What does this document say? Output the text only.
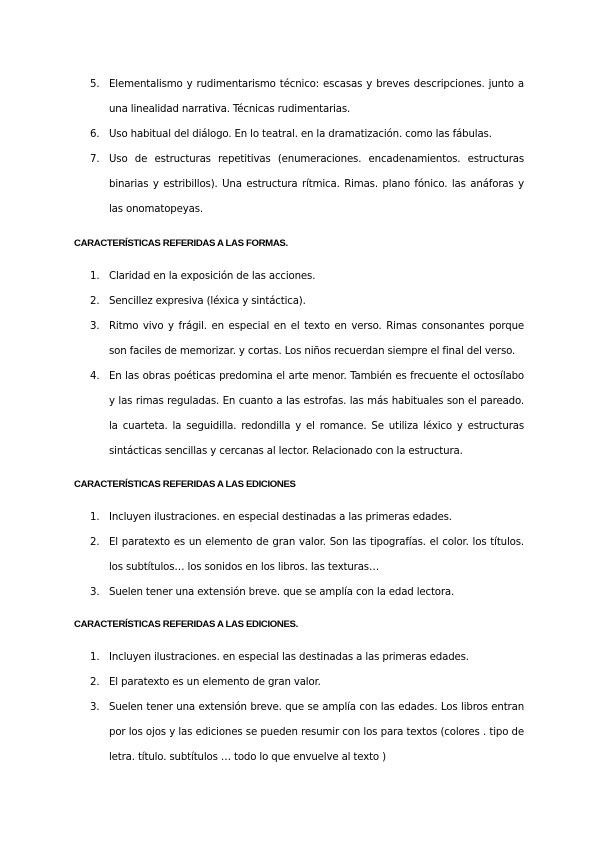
5. Elementalismo y rudimentarismo técnico: escasas y breves descripciones. junto a una linealidad narrativa. Técnicas rudimentarias.
6. Uso habitual del diálogo. En lo teatral. en la dramatización. como las fábulas.
7. Uso de estructuras repetitivas (enumeraciones. encadenamientos. estructuras binarias y estribillos). Una estructura rítmica. Rimas. plano fónico. las anáforas y las onomatopeyas.

CARACTERÍSTICAS REFERIDAS A LAS FORMAS.

1. Claridad en la exposición de las acciones.
2. Sencillez expresiva (léxica y sintáctica).
3. Ritmo vivo y frágil. en especial en el texto en verso. Rimas consonantes porque son faciles de memorizar. y cortas. Los niños recuerdan siempre el final del verso.
4. En las obras poéticas predomina el arte menor. También es frecuente el octosílabo y las rimas reguladas. En cuanto a las estrofas. las más habituales son el pareado. la cuarteta. la seguidilla. redondilla y el romance. Se utiliza léxico y estructuras sintácticas sencillas y cercanas al lector. Relacionado con la estructura.

CARACTERÍSTICAS REFERIDAS A LAS EDICIONES

1. Incluyen ilustraciones. en especial destinadas a las primeras edades.
2. El paratexto es un elemento de gran valor. Son las tipografías. el color. los títulos. los subtítulos… los sonidos en los libros. las texturas…
3. Suelen tener una extensión breve. que se amplía con la edad lectora.

CARACTERÍSTICAS REFERIDAS A LAS EDICIONES.

1. Incluyen ilustraciones. en especial las destinadas a las primeras edades.
2. El paratexto es un elemento de gran valor.
3. Suelen tener una extensión breve. que se amplía con las edades. Los libros entran por los ojos y las ediciones se pueden resumir con los para textos (colores . tipo de letra. título. subtítulos … todo lo que envuelve al texto )
